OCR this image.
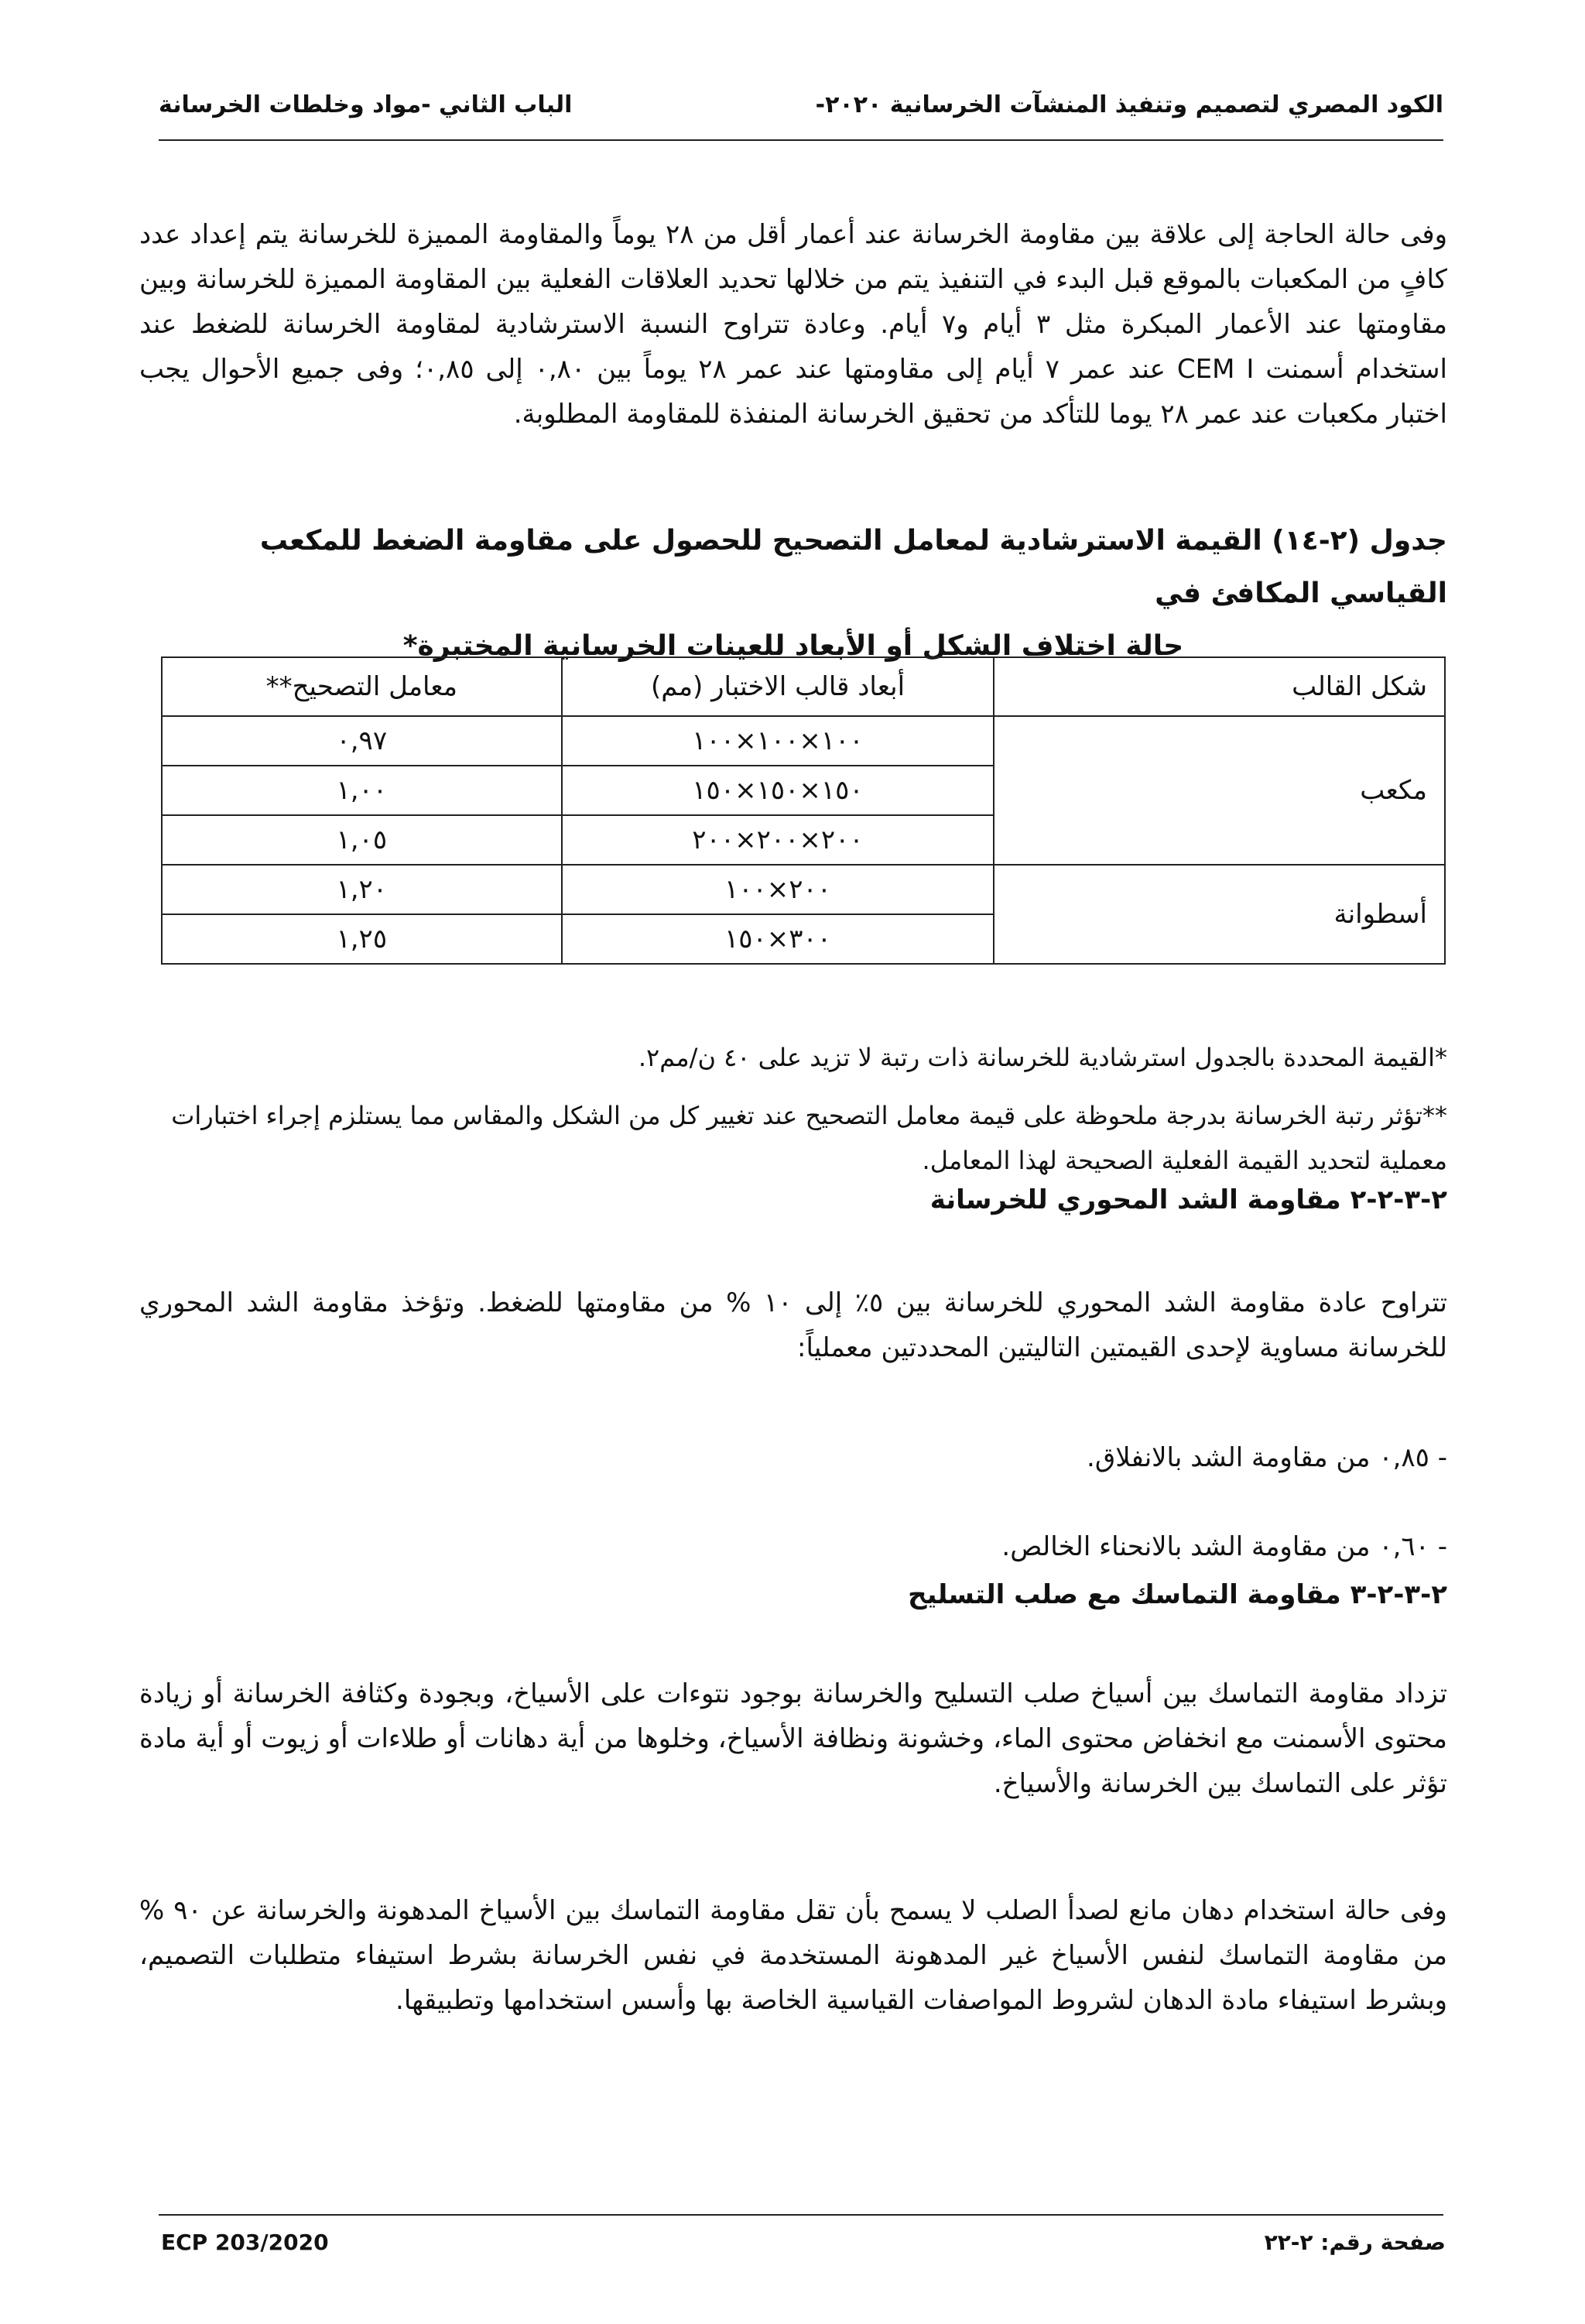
الكود المصري لتصميم وتنفيذ المنشآت الخرسانية ٢٠٢٠-
الباب الثاني -مواد وخلطات الخرسانة

وفى حالة الحاجة إلى علاقة بين مقاومة الخرسانة عند أعمار أقل من ٢٨ يوماً والمقاومة المميزة للخرسانة يتم إعداد عدد كافٍ من المكعبات بالموقع قبل البدء في التنفيذ يتم من خلالها تحديد العلاقات الفعلية بين المقاومة المميزة للخرسانة وبين مقاومتها عند الأعمار المبكرة مثل ٣ أيام و٧ أيام. وعادة تتراوح النسبة الاسترشادية لمقاومة الخرسانة للضغط عند استخدام أسمنت CEM I عند عمر ٧ أيام إلى مقاومتها عند عمر ٢٨ يوماً بين ٠,٨٠ إلى ٠,٨٥؛ وفى جميع الأحوال يجب اختبار مكعبات عند عمر ٢٨ يوما للتأكد من تحقيق الخرسانة المنفذة للمقاومة المطلوبة.

جدول (٢-١٤) القيمة الاسترشادية لمعامل التصحيح للحصول على مقاومة الضغط للمكعب القياسي المكافئ في
حالة اختلاف الشكل أو الأبعاد للعينات الخرسانية المختبرة*
شكل القالب	أبعاد قالب الاختبار (مم)	معامل التصحيح**
مكعب	١٠٠×١٠٠×١٠٠	٠,٩٧
	١٥٠×١٥٠×١٥٠	١,٠٠
	٢٠٠×٢٠٠×٢٠٠	١,٠٥
أسطوانة	٢٠٠×١٠٠	١,٢٠
	٣٠٠×١٥٠	١,٢٥

*القيمة المحددة بالجدول استرشادية للخرسانة ذات رتبة لا تزيد على ٤٠ ن/مم٢.

**تؤثر رتبة الخرسانة بدرجة ملحوظة على قيمة معامل التصحيح عند تغيير كل من الشكل والمقاس مما يستلزم إجراء اختبارات معملية لتحديد القيمة الفعلية الصحيحة لهذا المعامل.

٢-٣-٢-٢ مقاومة الشد المحوري للخرسانة

تتراوح عادة مقاومة الشد المحوري للخرسانة بين ٥٪ إلى ١٠ % من مقاومتها للضغط. وتؤخذ مقاومة الشد المحوري للخرسانة مساوية لإحدى القيمتين التاليتين المحددتين معملياً:

- ٠,٨٥ من مقاومة الشد بالانفلاق.

- ٠,٦٠ من مقاومة الشد بالانحناء الخالص.

٢-٣-٢-٣ مقاومة التماسك مع صلب التسليح

تزداد مقاومة التماسك بين أسياخ صلب التسليح والخرسانة بوجود نتوءات على الأسياخ، وبجودة وكثافة الخرسانة أو زيادة محتوى الأسمنت مع انخفاض محتوى الماء، وخشونة ونظافة الأسياخ، وخلوها من أية دهانات أو طلاءات أو زيوت أو أية مادة تؤثر على التماسك بين الخرسانة والأسياخ.

وفى حالة استخدام دهان مانع لصدأ الصلب لا يسمح بأن تقل مقاومة التماسك بين الأسياخ المدهونة والخرسانة عن ٩٠ % من مقاومة التماسك لنفس الأسياخ غير المدهونة المستخدمة في نفس الخرسانة بشرط استيفاء متطلبات التصميم، وبشرط استيفاء مادة الدهان لشروط المواصفات القياسية الخاصة بها وأسس استخدامها وتطبيقها.

ECP 203/2020	صفحة رقم: ٢-٢٢
